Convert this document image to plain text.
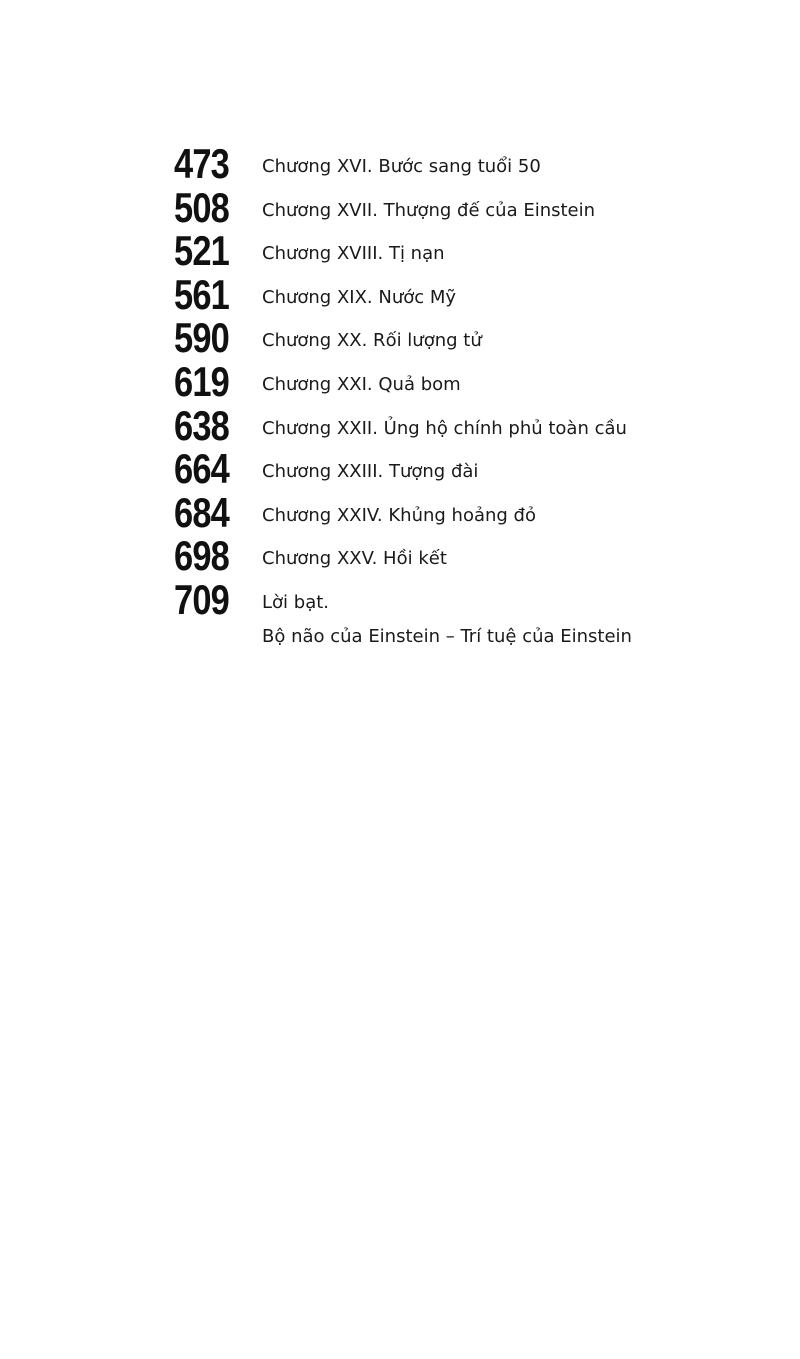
473	Chương XVI. Bước sang tuổi 50
508	Chương XVII. Thượng đế của Einstein
521	Chương XVIII. Tị nạn
561	Chương XIX. Nước Mỹ
590	Chương XX. Rối lượng tử
619	Chương XXI. Quả bom
638	Chương XXII. Ủng hộ chính phủ toàn cầu
664	Chương XXIII. Tượng đài
684	Chương XXIV. Khủng hoảng đỏ
698	Chương XXV. Hồi kết
709	Lời bạt.
Bộ não của Einstein – Trí tuệ của Einstein
